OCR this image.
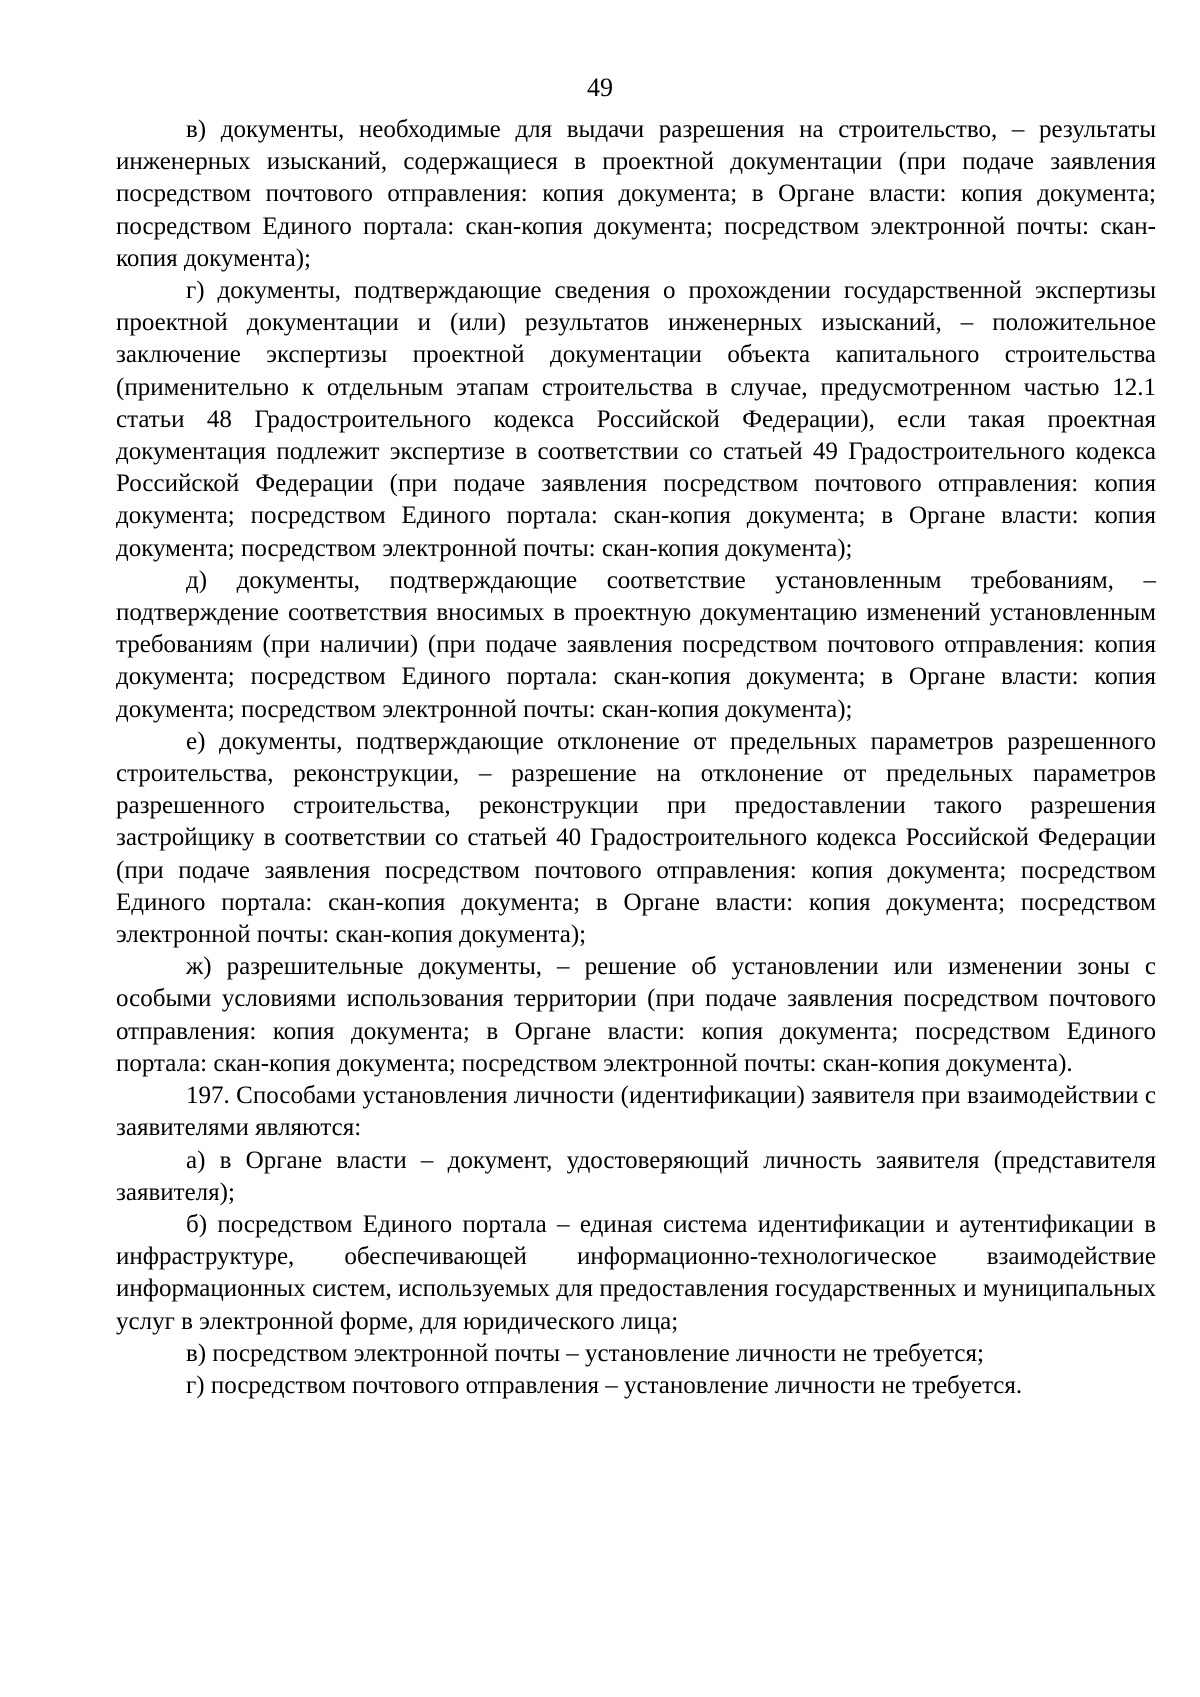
49

в) документы, необходимые для выдачи разрешения на строительство, – результаты инженерных изысканий, содержащиеся в проектной документации (при подаче заявления посредством почтового отправления: копия документа; в Органе власти: копия документа; посредством Единого портала: скан-копия документа; посредством электронной почты: скан-копия документа);

г) документы, подтверждающие сведения о прохождении государственной экспертизы проектной документации и (или) результатов инженерных изысканий, – положительное заключение экспертизы проектной документации объекта капитального строительства (применительно к отдельным этапам строительства в случае, предусмотренном частью 12.1 статьи 48 Градостроительного кодекса Российской Федерации), если такая проектная документация подлежит экспертизе в соответствии со статьей 49 Градостроительного кодекса Российской Федерации (при подаче заявления посредством почтового отправления: копия документа; посредством Единого портала: скан-копия документа; в Органе власти: копия документа; посредством электронной почты: скан-копия документа);

д) документы, подтверждающие соответствие установленным требованиям, – подтверждение соответствия вносимых в проектную документацию изменений установленным требованиям (при наличии) (при подаче заявления посредством почтового отправления: копия документа; посредством Единого портала: скан-копия документа; в Органе власти: копия документа; посредством электронной почты: скан-копия документа);

е) документы, подтверждающие отклонение от предельных параметров разрешенного строительства, реконструкции, – разрешение на отклонение от предельных параметров разрешенного строительства, реконструкции при предоставлении такого разрешения застройщику в соответствии со статьей 40 Градостроительного кодекса Российской Федерации (при подаче заявления посредством почтового отправления: копия документа; посредством Единого портала: скан-копия документа; в Органе власти: копия документа; посредством электронной почты: скан-копия документа);

ж) разрешительные документы, – решение об установлении или изменении зоны с особыми условиями использования территории (при подаче заявления посредством почтового отправления: копия документа; в Органе власти: копия документа; посредством Единого портала: скан-копия документа; посредством электронной почты: скан-копия документа).

197. Способами установления личности (идентификации) заявителя при взаимодействии с заявителями являются:

а) в Органе власти – документ, удостоверяющий личность заявителя (представителя заявителя);

б) посредством Единого портала – единая система идентификации и аутентификации в инфраструктуре, обеспечивающей информационно-технологическое взаимодействие информационных систем, используемых для предоставления государственных и муниципальных услуг в электронной форме, для юридического лица;

в) посредством электронной почты – установление личности не требуется;

г) посредством почтового отправления – установление личности не требуется.
